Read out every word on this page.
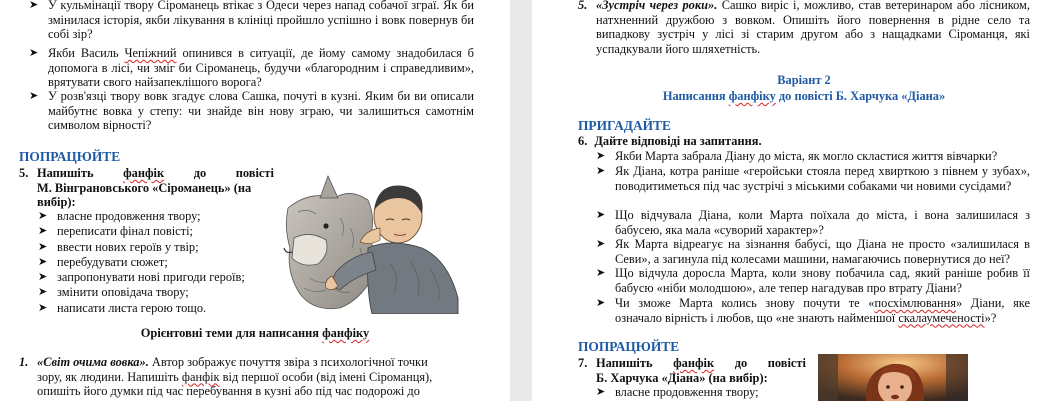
➤ У кульмінації твору Сіроманець втікає з Одеси через напад собачої зграї. Як би змінилася історія, якби лікування в клініці пройшло успішно і вовк повернув би собі зір?
➤ Якби Василь Чепіжний опинився в ситуації, де йому самому знадобилася б допомога в лісі, чи зміг би Сіроманець, будучи «благородним і справедливим», врятувати свого найзапеклішого ворога?
➤ У розв'язці твору вовк згадує слова Сашка, почуті в кузні. Яким би ви описали майбутнє вовка у степу: чи знайде він нову зграю, чи залишиться самотнім символом вірності?
ПОПРАЦЮЙТЕ
5. Напишіть фанфік до повісті
М. Вінграновського «Сіроманець» (на вибір):
➤ власне продовження твору;
➤ переписати фінал повісті;
➤ ввести нових героїв у твір;
➤ перебудувати сюжет;
➤ запропонувати нові пригоди героїв;
➤ змінити оповідача твору;
➤ написати листа герою тощо.
Орієнтовні теми для написання фанфіку
1. «Світ очима вовка». Автор зображує почуття звіра з психологічної точки
зору, як людини. Напишіть фанфік від першої особи (від імені Сіроманця),
опишіть його думки під час перебування в кузні або під час подорожі до
5. «Зустріч через роки». Сашко виріс і, можливо, став ветеринаром або лісником, натхненний дружбою з вовком. Опишіть його повернення в рідне село та випадкову зустріч у лісі зі старим другом або з нащадками Сіроманця, які успадкували його шляхетність.
Варіант 2
Написання фанфіку до повісті Б. Харчука «Діана»
ПРИГАДАЙТЕ
6. Дайте відповіді на запитання.
➤ Якби Марта забрала Діану до міста, як могло скластися життя вівчарки?
➤ Як Діана, котра раніше «геройськи стояла перед хвирткою з півнем у зубах», поводитиметься під час зустрічі з міськими собаками чи новими сусідами?
➤ Що відчувала Діана, коли Марта поїхала до міста, і вона залишилася з бабусею, яка мала «суворий характер»?
➤ Як Марта відреагує на зізнання бабусі, що Діана не просто «залишилася в Севи», а загинула під колесами машини, намагаючись повернутися до неї?
➤ Що відчула доросла Марта, коли знову побачила сад, який раніше робив її бабусю «ніби молодшою», але тепер нагадував про втрату Діани?
➤ Чи зможе Марта колись знову почути те «посхімлювання» Діани, яке означало вірність і любов, що «не знають найменшої скалаумеченості»?
ПОПРАЦЮЙТЕ
7. Напишіть фанфік до повісті
Б. Харчука «Діана» (на вибір):
➤ власне продовження твору;
